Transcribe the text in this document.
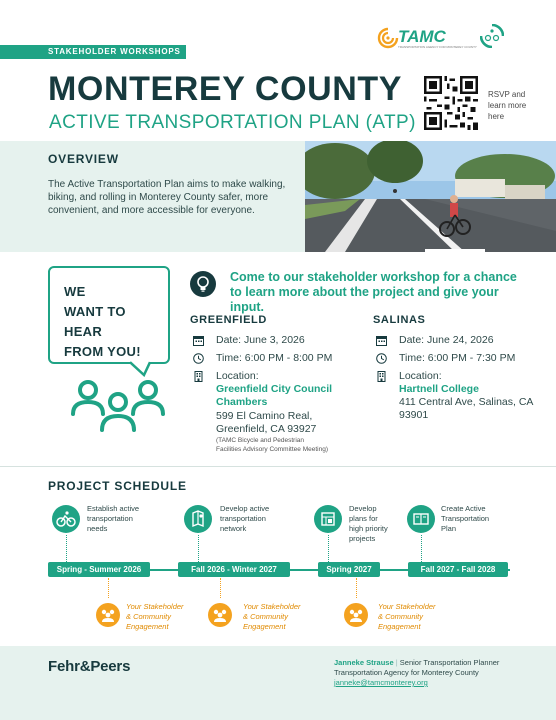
STAKEHOLDER WORKSHOPS
TAMC
TRANSPORTATION AGENCY FOR MONTEREY COUNTY
MONTEREY COUNTY
ACTIVE TRANSPORTATION PLAN (ATP)
RSVP and learn more here
OVERVIEW
The Active Transportation Plan aims to make walking, biking, and rolling in Monterey County safer, more convenient, and more accessible for everyone.
WE
WANT TO
HEAR
FROM YOU!
Come to our stakeholder workshop for a chance to learn more about the project and give your input.
GREENFIELD
Date: June 3, 2026
Time: 6:00 PM - 8:00 PM
Location:
Greenfield City Council
Chambers
599 El Camino Real,
Greenfield, CA 93927
(TAMC Bicycle and Pedestrian
Facilities Advisory Committee Meeting)
SALINAS
Date: June 24, 2026
Time: 6:00 PM - 7:30 PM
Location:
Hartnell College
411 Central Ave, Salinas, CA
93901
PROJECT SCHEDULE
Establish active
transportation
needs
Develop active
transportation
network
Develop
plans for
high priority
projects
Create Active
Transportation
Plan
Spring - Summer 2026	Fall 2026 - Winter 2027	Spring 2027	Fall 2027 - Fall 2028
Your Stakeholder
& Community
Engagement
Your Stakeholder
& Community
Engagement
Your Stakeholder
& Community
Engagement
Fehr&Peers	Janneke Strause | Senior Transportation Planner
Transportation Agency for Monterey County
janneke@tamcmonterey.org
